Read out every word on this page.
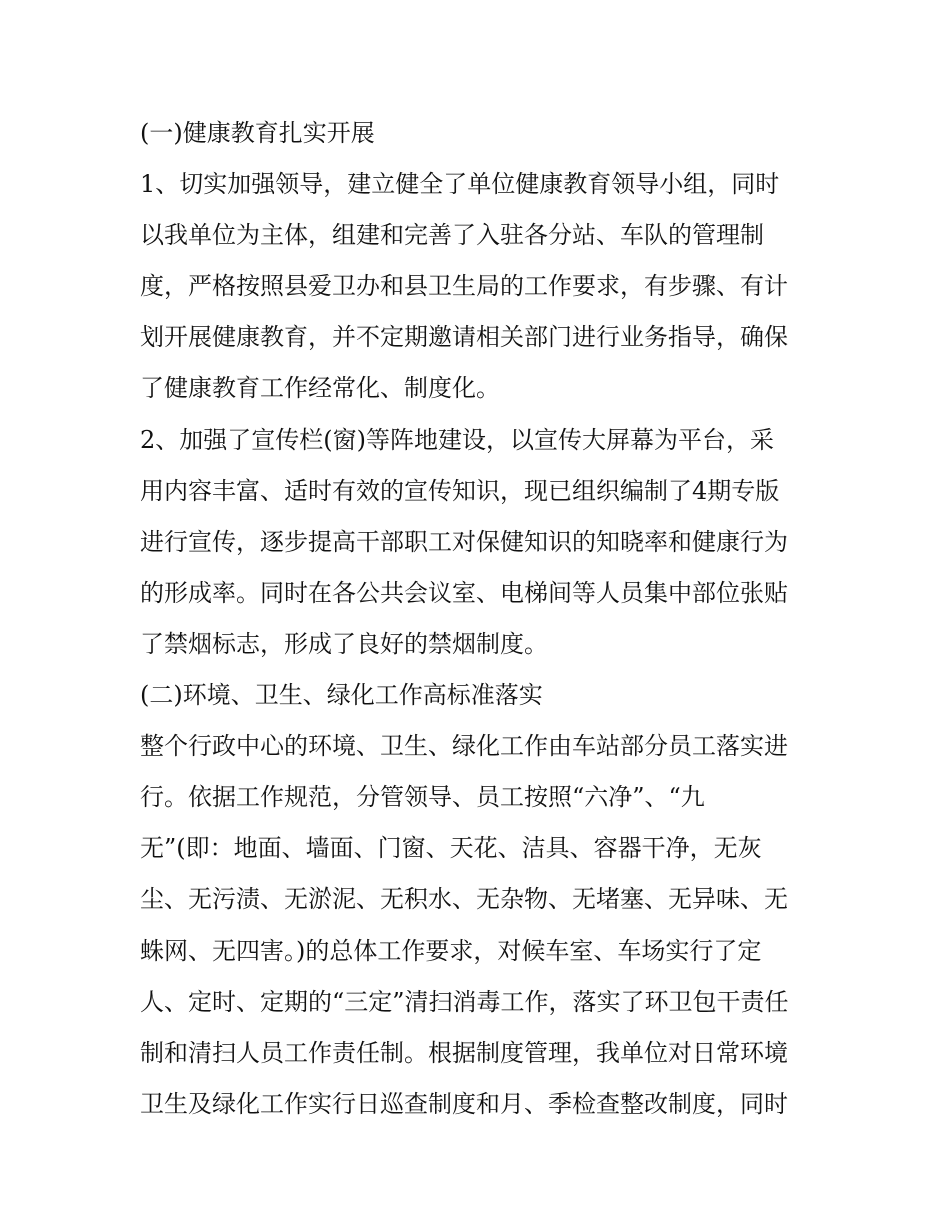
(一)健康教育扎实开展
1、切实加强领导，建立健全了单位健康教育领导小组，同时
以我单位为主体，组建和完善了入驻各分站、车队的管理制
度，严格按照县爱卫办和县卫生局的工作要求，有步骤、有计
划开展健康教育，并不定期邀请相关部门进行业务指导，确保
了健康教育工作经常化、制度化。
2、加强了宣传栏(窗)等阵地建设，以宣传大屏幕为平台，采
用内容丰富、适时有效的宣传知识，现已组织编制了4期专版
进行宣传，逐步提高干部职工对保健知识的知晓率和健康行为
的形成率。同时在各公共会议室、电梯间等人员集中部位张贴
了禁烟标志，形成了良好的禁烟制度。
(二)环境、卫生、绿化工作高标准落实
整个行政中心的环境、卫生、绿化工作由车站部分员工落实进
行。依据工作规范，分管领导、员工按照“六净”、“九
无”(即：地面、墙面、门窗、天花、洁具、容器干净，无灰
尘、无污渍、无淤泥、无积水、无杂物、无堵塞、无异味、无
蛛网、无四害。)的总体工作要求，对候车室、车场实行了定
人、定时、定期的“三定”清扫消毒工作，落实了环卫包干责任
制和清扫人员工作责任制。根据制度管理，我单位对日常环境
卫生及绿化工作实行日巡查制度和月、季检查整改制度，同时
